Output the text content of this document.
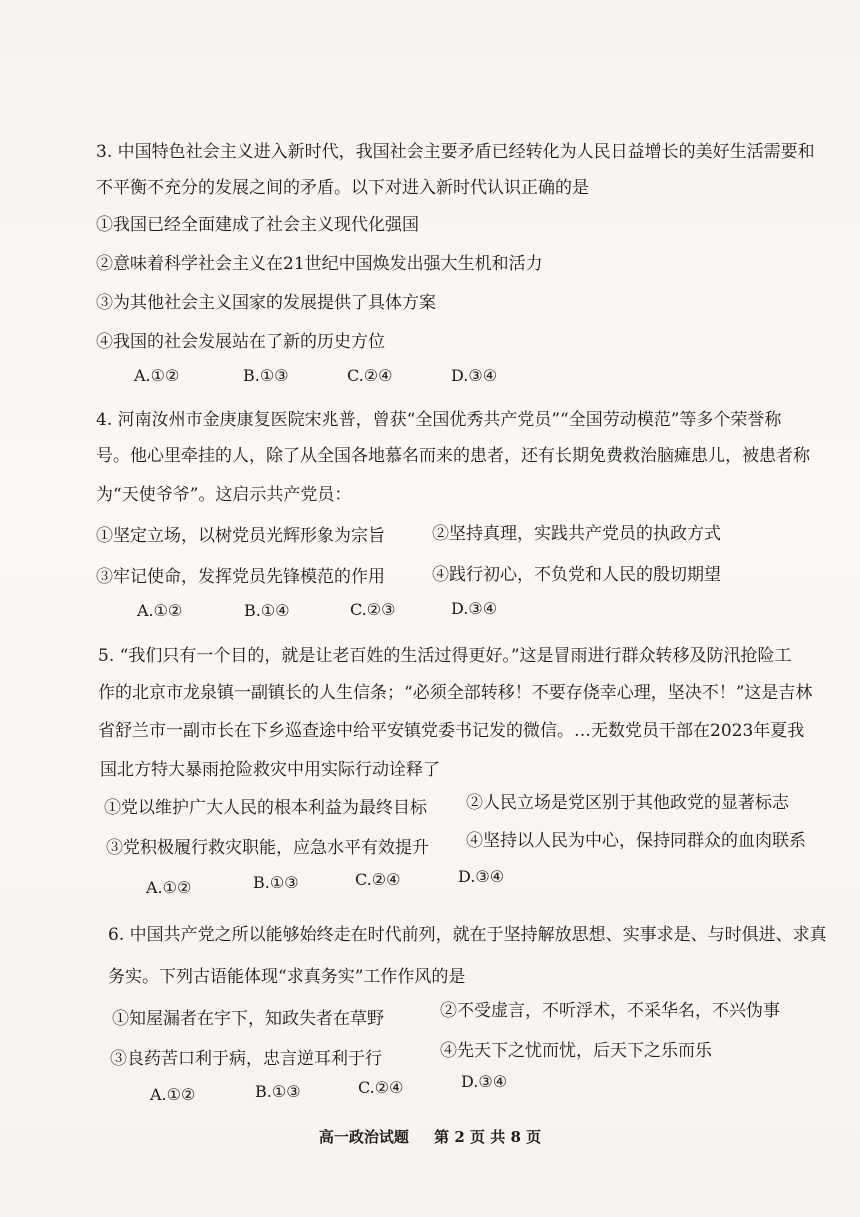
3. 中国特色社会主义进入新时代，我国社会主要矛盾已经转化为人民日益增长的美好生活需要和
不平衡不充分的发展之间的矛盾。以下对进入新时代认识正确的是
①我国已经全面建成了社会主义现代化强国
②意味着科学社会主义在21世纪中国焕发出强大生机和活力
③为其他社会主义国家的发展提供了具体方案
④我国的社会发展站在了新的历史方位
A.①②	B.①③	C.②④	D.③④
4. 河南汝州市金庚康复医院宋兆普，曾获“全国优秀共产党员”“全国劳动模范”等多个荣誉称
号。他心里牵挂的人，除了从全国各地慕名而来的患者，还有长期免费救治脑瘫患儿，被患者称
为“天使爷爷”。这启示共产党员：
①坚定立场，以树党员光辉形象为宗旨	②坚持真理，实践共产党员的执政方式
③牢记使命，发挥党员先锋模范的作用	④践行初心，不负党和人民的殷切期望
A.①②	B.①④	C.②③	D.③④
5. “我们只有一个目的，就是让老百姓的生活过得更好。”这是冒雨进行群众转移及防汛抢险工
作的北京市龙泉镇一副镇长的人生信条；“必须全部转移！不要存侥幸心理，坚决不！”这是吉林
省舒兰市一副市长在下乡巡查途中给平安镇党委书记发的微信。…无数党员干部在2023年夏我
国北方特大暴雨抢险救灾中用实际行动诠释了
①党以维护广大人民的根本利益为最终目标 ②人民立场是党区别于其他政党的显著标志
③党积极履行救灾职能，应急水平有效提升 ④坚持以人民为中心，保持同群众的血肉联系
A.①②	B.①③	C.②④	D.③④
6. 中国共产党之所以能够始终走在时代前列，就在于坚持解放思想、实事求是、与时俱进、求真
务实。下列古语能体现“求真务实”工作作风的是
①知屋漏者在宇下，知政失者在草野	②不受虚言，不听浮术，不采华名，不兴伪事
③良药苦口利于病，忠言逆耳利于行	④先天下之忧而忧，后天下之乐而乐
A.①②	B.①③	C.②④	D.③④
高一政治试题 第 2 页 共 8 页
